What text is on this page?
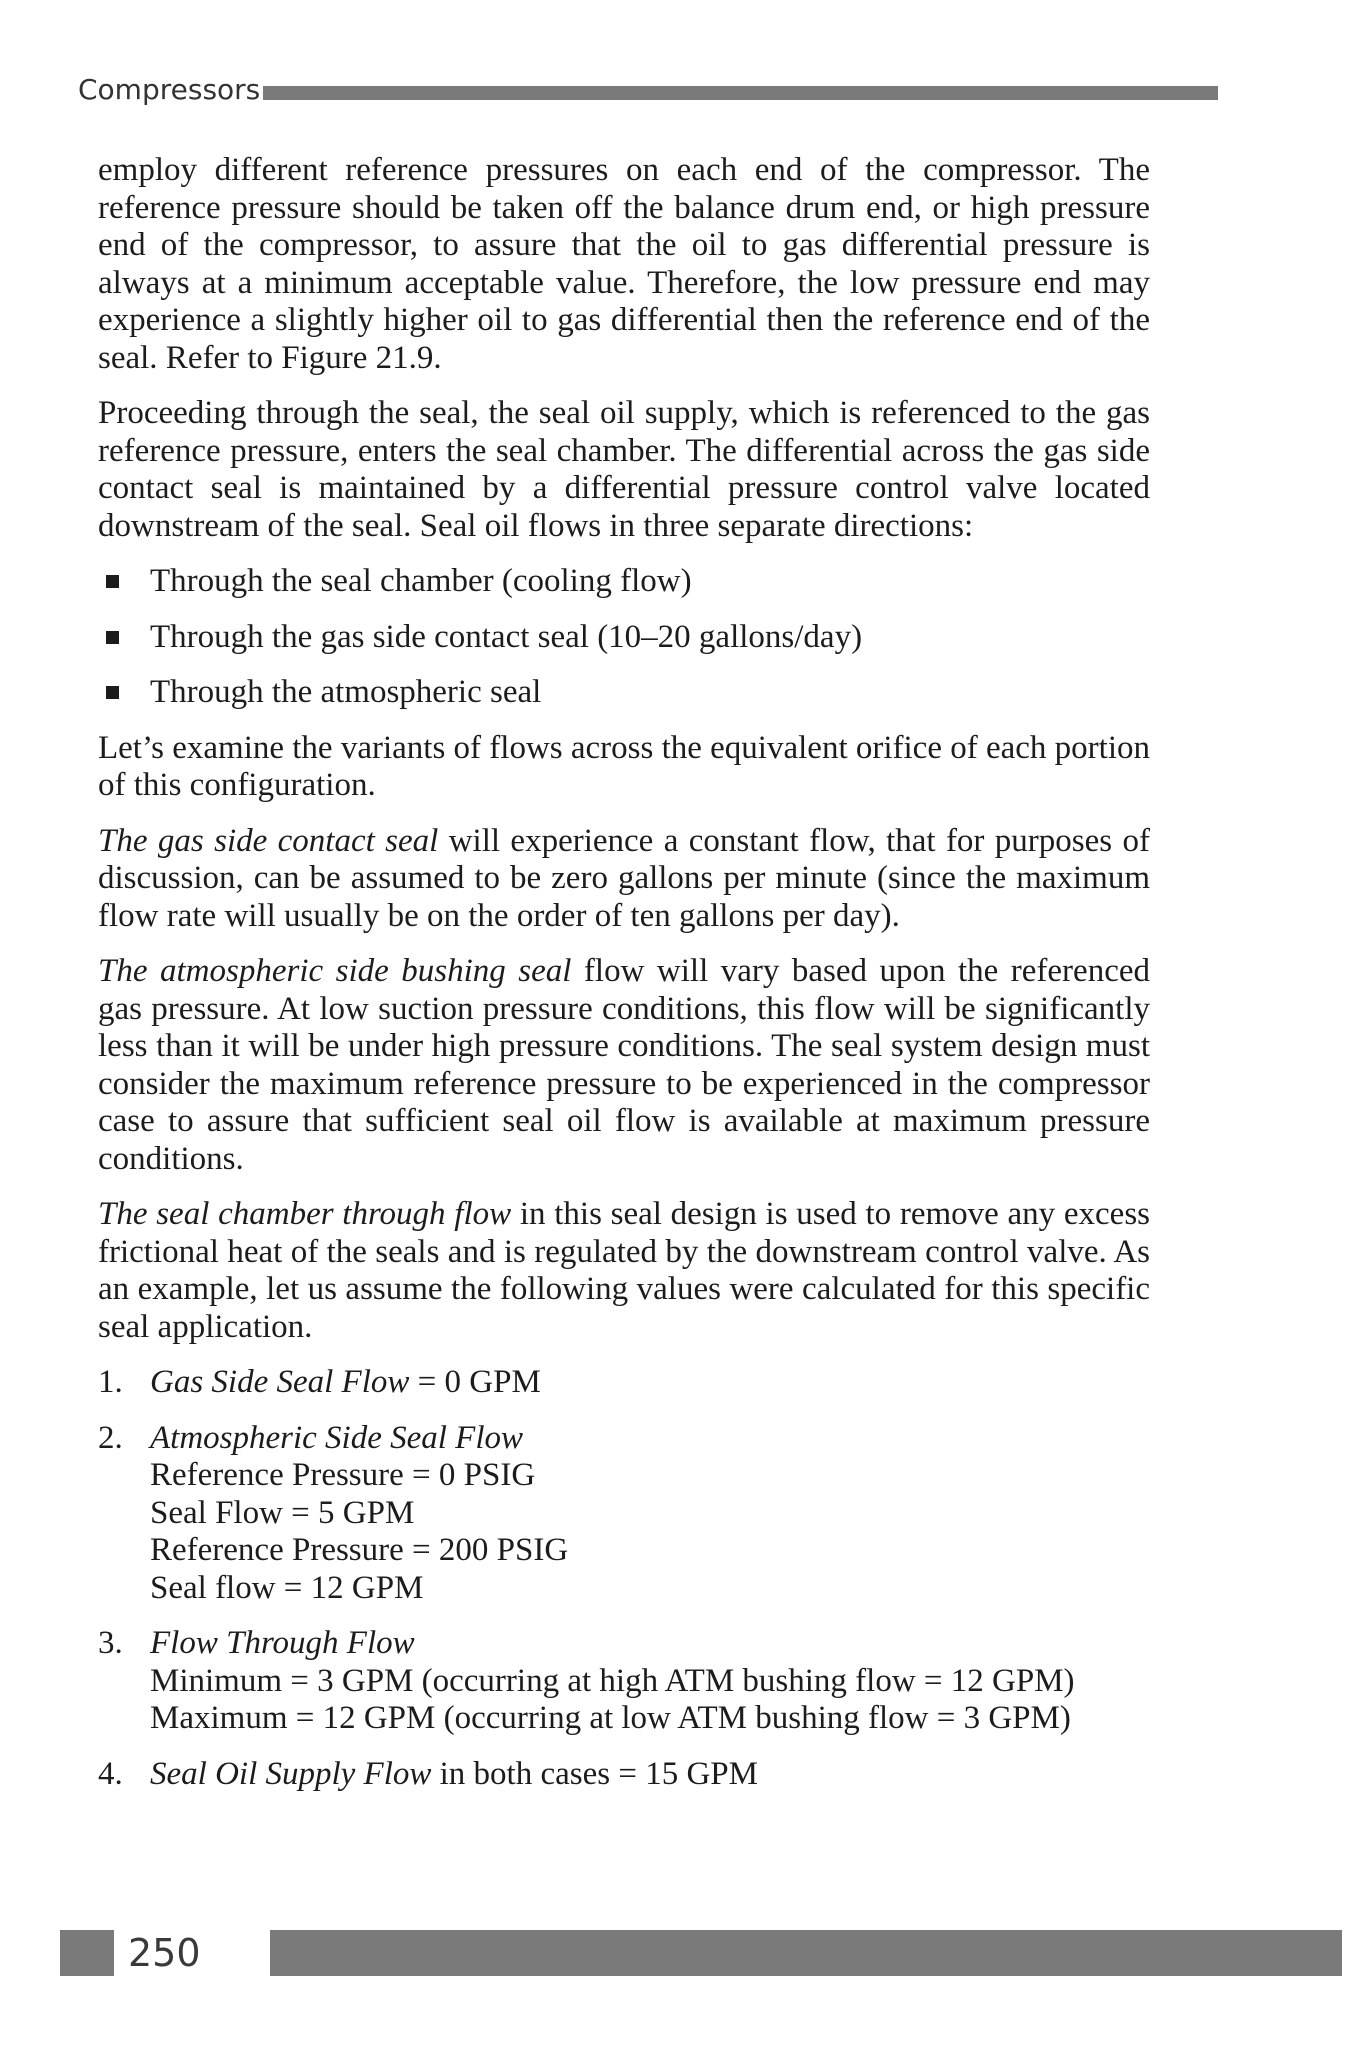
Compressors

employ different reference pressures on each end of the compressor. The reference pressure should be taken off the balance drum end, or high pressure end of the compressor, to assure that the oil to gas differential pressure is always at a minimum acceptable value. Therefore, the low pressure end may experience a slightly higher oil to gas differential then the reference end of the seal. Refer to Figure 21.9.

Proceeding through the seal, the seal oil supply, which is referenced to the gas reference pressure, enters the seal chamber. The differential across the gas side contact seal is maintained by a differential pressure control valve located downstream of the seal. Seal oil flows in three separate directions:

Through the seal chamber (cooling flow)
Through the gas side contact seal (10–20 gallons/day)
Through the atmospheric seal

Let’s examine the variants of flows across the equivalent orifice of each portion of this configuration.

The gas side contact seal will experience a constant flow, that for purposes of discussion, can be assumed to be zero gallons per minute (since the maximum flow rate will usually be on the order of ten gallons per day).

The atmospheric side bushing seal flow will vary based upon the referenced gas pressure. At low suction pressure conditions, this flow will be significantly less than it will be under high pressure conditions. The seal system design must consider the maximum reference pressure to be experienced in the compressor case to assure that sufficient seal oil flow is available at maximum pressure conditions.

The seal chamber through flow in this seal design is used to remove any excess frictional heat of the seals and is regulated by the downstream control valve. As an example, let us assume the following values were calculated for this specific seal application.

1. Gas Side Seal Flow = 0 GPM
2. Atmospheric Side Seal Flow
Reference Pressure = 0 PSIG
Seal Flow = 5 GPM
Reference Pressure = 200 PSIG
Seal flow = 12 GPM
3. Flow Through Flow
Minimum = 3 GPM (occurring at high ATM bushing flow = 12 GPM)
Maximum = 12 GPM (occurring at low ATM bushing flow = 3 GPM)
4. Seal Oil Supply Flow in both cases = 15 GPM
250
